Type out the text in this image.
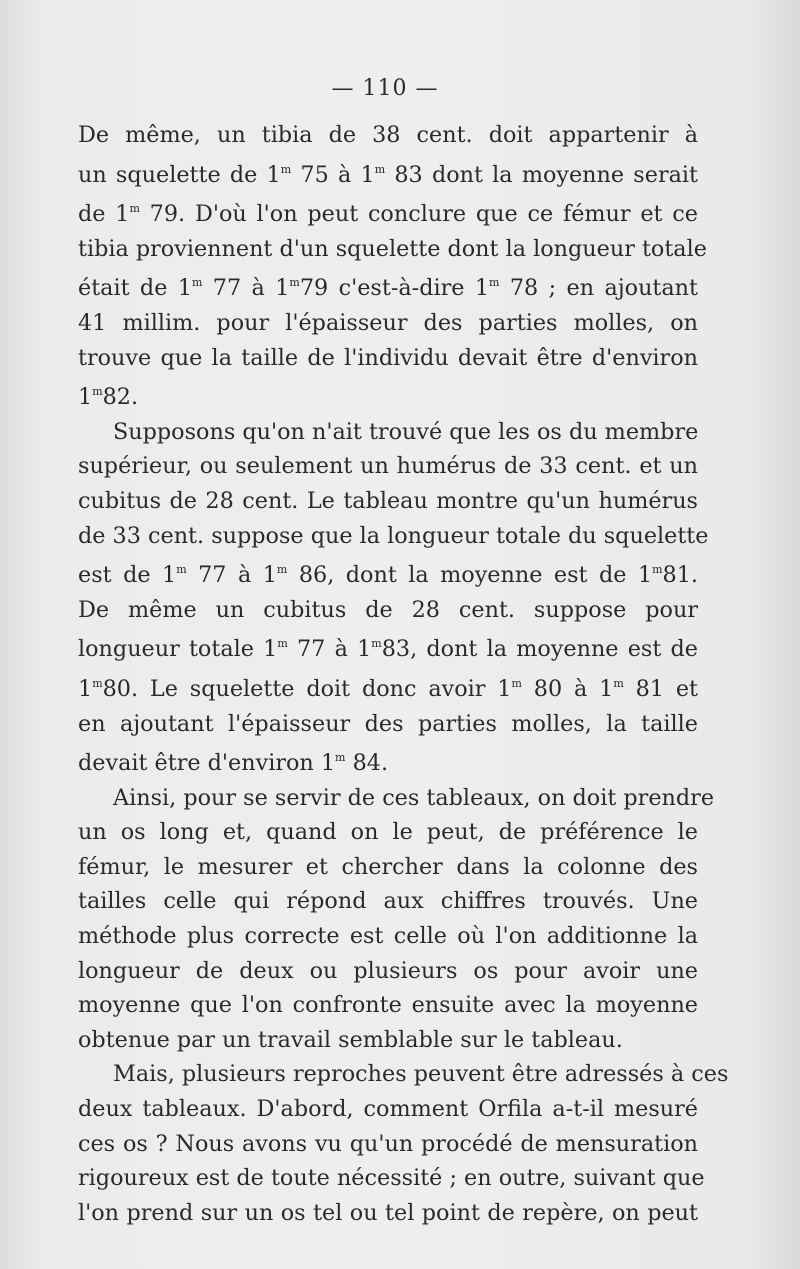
— 110 —
De même, un tibia de 38 cent. doit appartenir à
un squelette de 1$^m$ 75 à 1$^m$ 83 dont la moyenne serait
de 1$^m$ 79. D'où l'on peut conclure que ce fémur et ce
tibia proviennent d'un squelette dont la longueur totale
était de 1$^m$ 77 à 1$^m$79 c'est-à-dire 1$^m$ 78 ; en ajoutant
41 millim. pour l'épaisseur des parties molles, on
trouve que la taille de l'individu devait être d'environ
1$^m$82.
Supposons qu'on n'ait trouvé que les os du membre
supérieur, ou seulement un humérus de 33 cent. et un
cubitus de 28 cent. Le tableau montre qu'un humérus
de 33 cent. suppose que la longueur totale du squelette
est de 1$^m$ 77 à 1$^m$ 86, dont la moyenne est de 1$^m$81.
De même un cubitus de 28 cent. suppose pour
longueur totale 1$^m$ 77 à 1$^m$83, dont la moyenne est de
1$^m$80. Le squelette doit donc avoir 1$^m$ 80 à 1$^m$ 81 et
en ajoutant l'épaisseur des parties molles, la taille
devait être d'environ 1$^m$ 84.
Ainsi, pour se servir de ces tableaux, on doit prendre
un os long et, quand on le peut, de préférence le
fémur, le mesurer et chercher dans la colonne des
tailles celle qui répond aux chiffres trouvés. Une
méthode plus correcte est celle où l'on additionne la
longueur de deux ou plusieurs os pour avoir une
moyenne que l'on confronte ensuite avec la moyenne
obtenue par un travail semblable sur le tableau.
Mais, plusieurs reproches peuvent être adressés à ces
deux tableaux. D'abord, comment Orfila a-t-il mesuré
ces os ? Nous avons vu qu'un procédé de mensuration
rigoureux est de toute nécessité ; en outre, suivant que
l'on prend sur un os tel ou tel point de repère, on peut
